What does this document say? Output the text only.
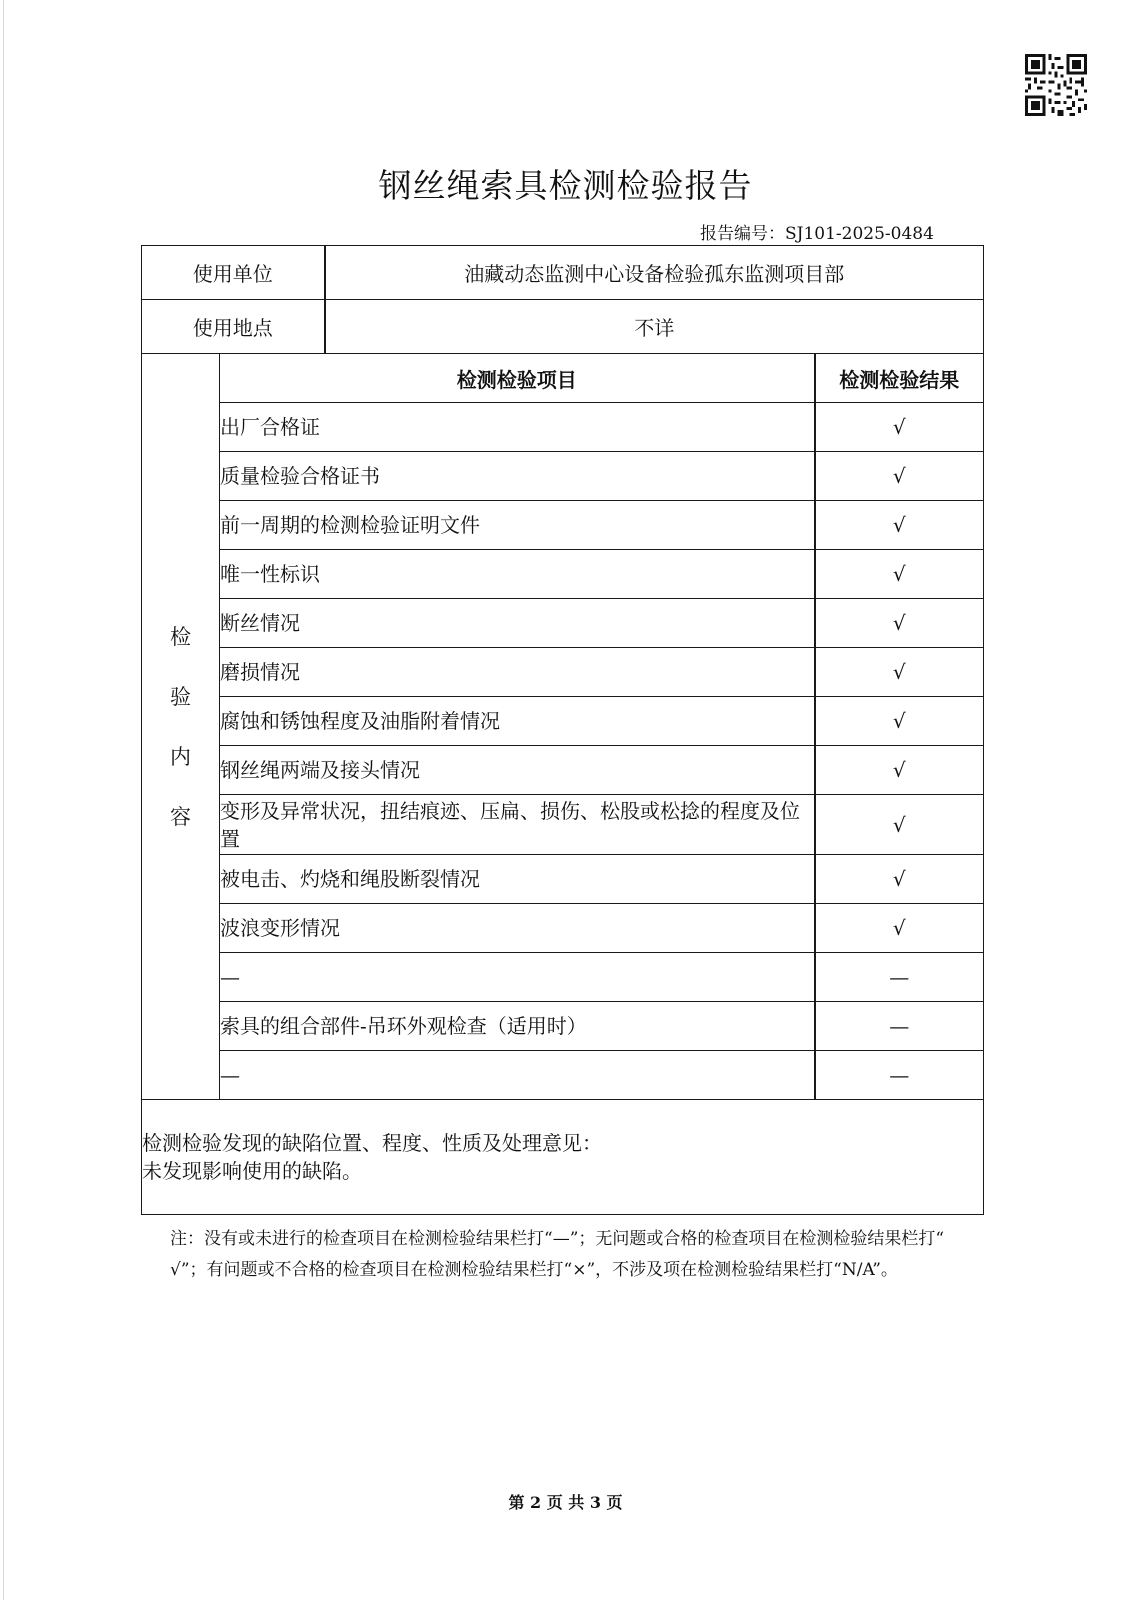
钢丝绳索具检测检验报告
报告编号：SJ101-2025-0484
使用单位		油藏动态监测中心设备检验孤东监测项目部	
使用地点		不详	

检
验
内
容	检测检验项目		检测检验结果
	出厂合格证		√
	质量检验合格证书		√
	前一周期的检测检验证明文件		√
	唯一性标识		√
	断丝情况		√
	磨损情况		√
	腐蚀和锈蚀程度及油脂附着情况		√
	钢丝绳两端及接头情况		√
	变形及异常状况，扭结痕迹、压扁、损伤、松股或松捻的程度及位置		√
	被电击、灼烧和绳股断裂情况		√
	波浪变形情况		√
	—		—
	索具的组合部件-吊环外观检查（适用时）		—
	—		—

检测检验发现的缺陷位置、程度、性质及处理意见：
未发现影响使用的缺陷。			
注：没有或未进行的检查项目在检测检验结果栏打“—”；无问题或合格的检查项目在检测检验结果栏打“ √”；有问题或不合格的检查项目在检测检验结果栏打“×”，不涉及项在检测检验结果栏打“N/A”。
第 2 页 共 3 页
